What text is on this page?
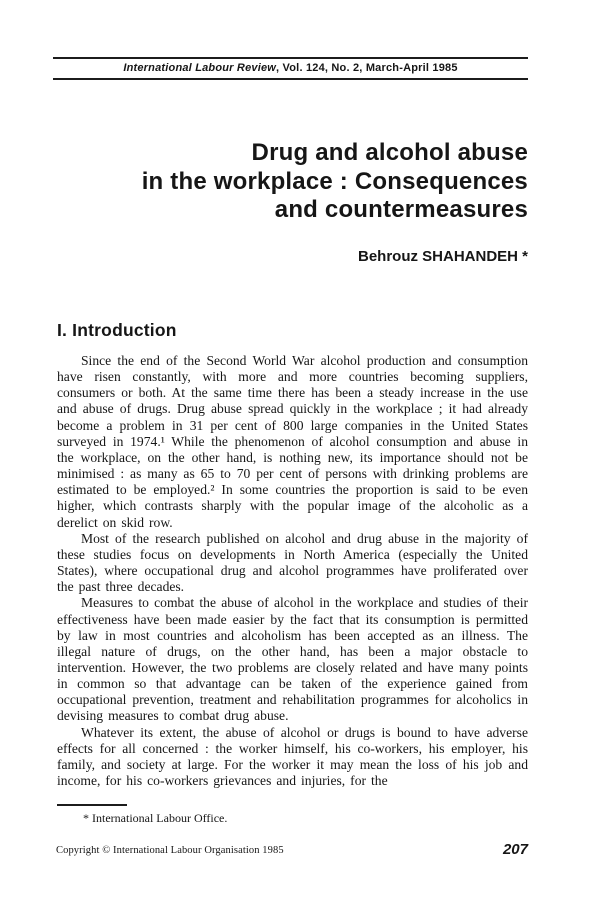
International Labour Review, Vol. 124, No. 2, March-April 1985
Drug and alcohol abuse
in the workplace : Consequences
and countermeasures
Behrouz SHAHANDEH *
I. Introduction

Since the end of the Second World War alcohol production and consumption have risen constantly, with more and more countries becoming suppliers, consumers or both. At the same time there has been a steady increase in the use and abuse of drugs. Drug abuse spread quickly in the workplace ; it had already become a problem in 31 per cent of 800 large companies in the United States surveyed in 1974.¹ While the phenomenon of alcohol consumption and abuse in the workplace, on the other hand, is nothing new, its importance should not be minimised : as many as 65 to 70 per cent of persons with drinking problems are estimated to be employed.² In some countries the proportion is said to be even higher, which contrasts sharply with the popular image of the alcoholic as a derelict on skid row.

Most of the research published on alcohol and drug abuse in the majority of these studies focus on developments in North America (especially the United States), where occupational drug and alcohol programmes have proliferated over the past three decades.

Measures to combat the abuse of alcohol in the workplace and studies of their effectiveness have been made easier by the fact that its consumption is permitted by law in most countries and alcoholism has been accepted as an illness. The illegal nature of drugs, on the other hand, has been a major obstacle to intervention. However, the two problems are closely related and have many points in common so that advantage can be taken of the experience gained from occupational prevention, treatment and rehabilitation programmes for alcoholics in devising measures to combat drug abuse.

Whatever its extent, the abuse of alcohol or drugs is bound to have adverse effects for all concerned : the worker himself, his co-workers, his employer, his family, and society at large. For the worker it may mean the loss of his job and income, for his co-workers grievances and injuries, for the

* International Labour Office.
Copyright © International Labour Organisation 1985	207
